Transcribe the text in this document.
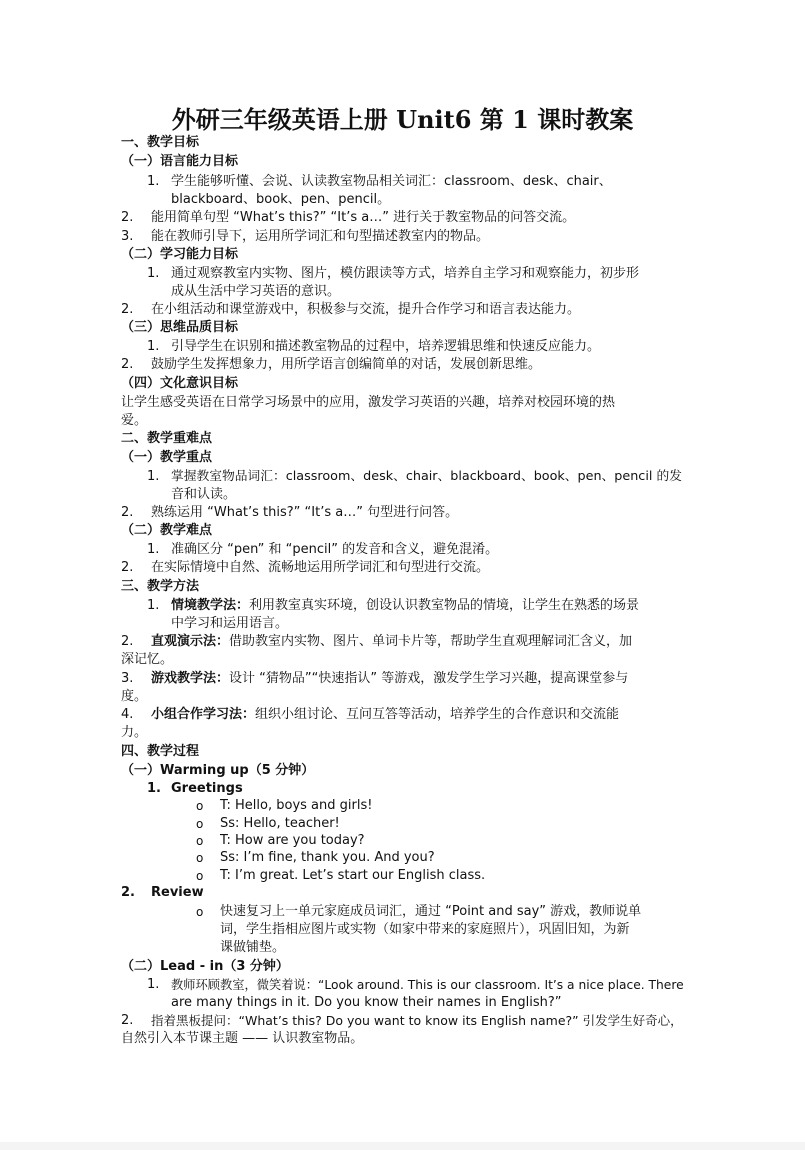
外研三年级英语上册 Unit6 第 1 课时教案
一、教学目标
（一）语言能力目标
1. 学生能够听懂、会说、认读教室物品相关词汇：classroom、desk、chair、
blackboard、book、pen、pencil。
2. 能用简单句型 “What’s this?” “It’s a…” 进行关于教室物品的问答交流。
3. 能在教师引导下，运用所学词汇和句型描述教室内的物品。
（二）学习能力目标
1. 通过观察教室内实物、图片，模仿跟读等方式，培养自主学习和观察能力，初步形
成从生活中学习英语的意识。
2. 在小组活动和课堂游戏中，积极参与交流，提升合作学习和语言表达能力。
（三）思维品质目标
1. 引导学生在识别和描述教室物品的过程中，培养逻辑思维和快速反应能力。
2. 鼓励学生发挥想象力，用所学语言创编简单的对话，发展创新思维。
（四）文化意识目标
让学生感受英语在日常学习场景中的应用，激发学习英语的兴趣，培养对校园环境的热
爱。
二、教学重难点
（一）教学重点
1. 掌握教室物品词汇：classroom、desk、chair、blackboard、book、pen、pencil 的发
音和认读。
2. 熟练运用 “What’s this?” “It’s a…” 句型进行问答。
（二）教学难点
1. 准确区分 “pen” 和 “pencil” 的发音和含义，避免混淆。
2. 在实际情境中自然、流畅地运用所学词汇和句型进行交流。
三、教学方法
1. 情境教学法：利用教室真实环境，创设认识教室物品的情境，让学生在熟悉的场景
中学习和运用语言。
2. 直观演示法：借助教室内实物、图片、单词卡片等，帮助学生直观理解词汇含义，加
深记忆。
3. 游戏教学法：设计 “猜物品”“快速指认” 等游戏，激发学生学习兴趣，提高课堂参与
度。
4. 小组合作学习法：组织小组讨论、互问互答等活动，培养学生的合作意识和交流能
力。
四、教学过程
（一）Warming up（5 分钟）
1. Greetings
o T: Hello, boys and girls!
o Ss: Hello, teacher!
o T: How are you today?
o Ss: I’m fine, thank you. And you?
o T: I’m great. Let’s start our English class.
2. Review
o 快速复习上一单元家庭成员词汇，通过 “Point and say” 游戏，教师说单
词，学生指相应图片或实物（如家中带来的家庭照片），巩固旧知，为新
课做铺垫。
（二）Lead - in（3 分钟）
1. 教师环顾教室，微笑着说：“Look around. This is our classroom. It’s a nice place. There
are many things in it. Do you know their names in English?”
2. 指着黑板提问：“What’s this? Do you want to know its English name?” 引发学生好奇心，
自然引入本节课主题 —— 认识教室物品。
